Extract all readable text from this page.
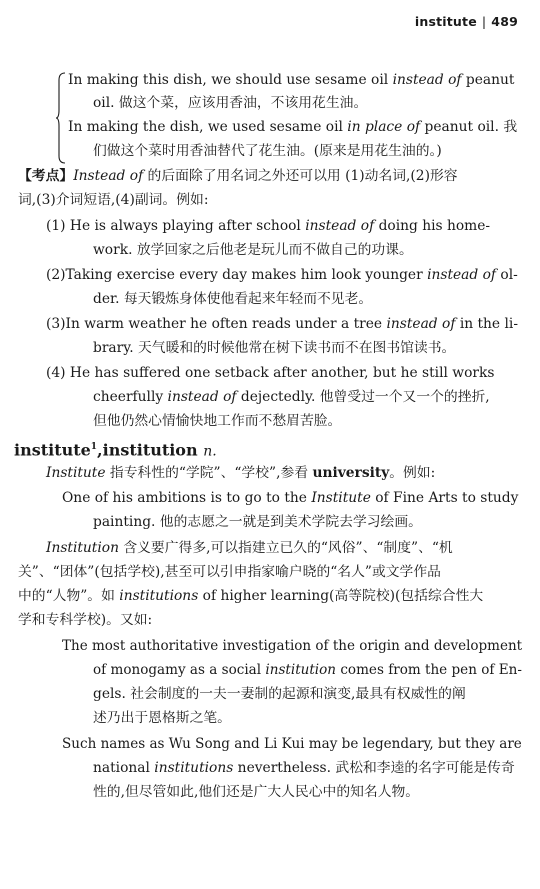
institute | 489
In making this dish, we should use sesame oil instead of peanut
oil. 做这个菜，应该用香油，不该用花生油。
In making the dish, we used sesame oil in place of peanut oil. 我
们做这个菜时用香油替代了花生油。(原来是用花生油的。)
【考点】Instead of 的后面除了用名词之外还可以用 (1)动名词,(2)形容
词,(3)介词短语,(4)副词。例如:
(1) He is always playing after school instead of doing his home-
work. 放学回家之后他老是玩儿而不做自己的功课。
(2)Taking exercise every day makes him look younger instead of ol-
der. 每天锻炼身体使他看起来年轻而不见老。
(3)In warm weather he often reads under a tree instead of in the li-
brary. 天气暖和的时候他常在树下读书而不在图书馆读书。
(4) He has suffered one setback after another, but he still works
cheerfully instead of dejectedly. 他曾受过一个又一个的挫折,
但他仍然心情愉快地工作而不愁眉苦脸。
institute$^1$,institution n.
Institute 指专科性的“学院”、“学校”,参看 university。例如:
One of his ambitions is to go to the Institute of Fine Arts to study
painting. 他的志愿之一就是到美术学院去学习绘画。
Institution 含义要广得多,可以指建立已久的“风俗”、“制度”、“机
关”、“团体”(包括学校),甚至可以引申指家喻户晓的“名人”或文学作品
中的“人物”。如 institutions of higher learning(高等院校)(包括综合性大
学和专科学校)。又如:
The most authoritative investigation of the origin and development
of monogamy as a social institution comes from the pen of En-
gels. 社会制度的一夫一妻制的起源和演变,最具有权威性的阐
述乃出于恩格斯之笔。
Such names as Wu Song and Li Kui may be legendary, but they are
national institutions nevertheless. 武松和李逵的名字可能是传奇
性的,但尽管如此,他们还是广大人民心中的知名人物。
